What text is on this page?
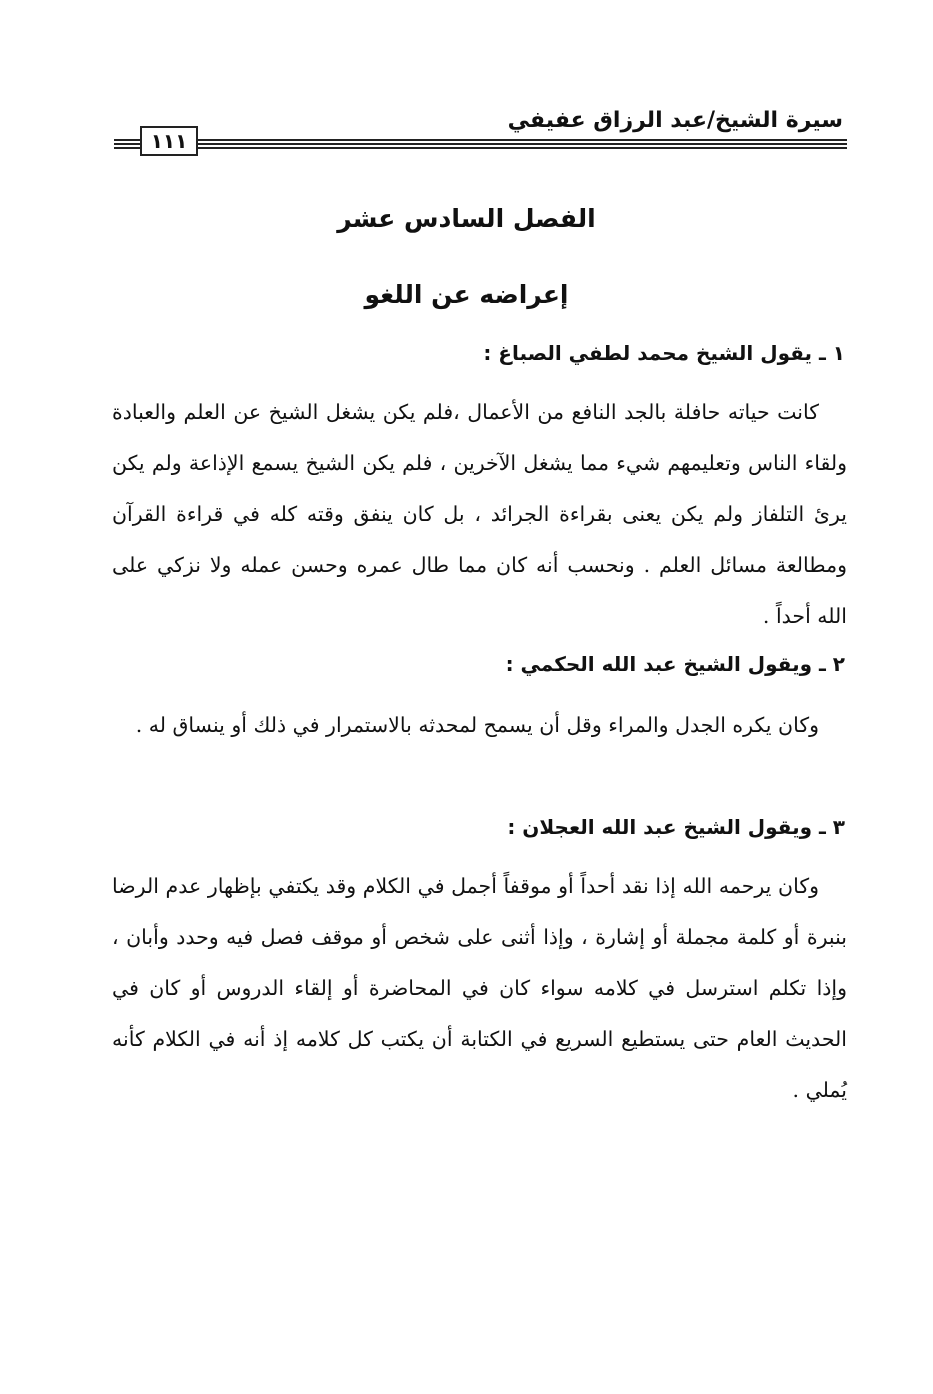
سيرة الشيخ/عبد الرزاق عفيفي
١١١
الفصل السادس عشر
إعراضه عن اللغو
١ ـ يقول الشيخ محمد لطفي الصباغ :

كانت حياته حافلة بالجد النافع من الأعمال ،فلم يكن يشغل الشيخ عن العلم والعبادة ولقاء الناس وتعليمهم شيء مما يشغل الآخرين ، فلم يكن الشيخ يسمع الإذاعة ولم يكن يرئ التلفاز ولم يكن يعنى بقراءة الجرائد ، بل كان ينفق وقته كله في قراءة القرآن ومطالعة مسائل العلم . ونحسب أنه كان مما طال عمره وحسن عمله ولا نزكي على الله أحداً .

٢ ـ ويقول الشيخ عبد الله الحكمي :

وكان يكره الجدل والمراء وقل أن يسمح لمحدثه بالاستمرار في ذلك أو ينساق له .

٣ ـ ويقول الشيخ عبد الله العجلان :

وكان يرحمه الله إذا نقد أحداً أو موقفاً أجمل في الكلام وقد يكتفي بإظهار عدم الرضا بنبرة أو كلمة مجملة أو إشارة ، وإذا أثنى على شخص أو موقف فصل فيه وحدد وأبان ، وإذا تكلم استرسل في كلامه سواء كان في المحاضرة أو إلقاء الدروس أو كان في الحديث العام حتى يستطيع السريع في الكتابة أن يكتب كل كلامه إذ أنه في الكلام كأنه يُملي .
